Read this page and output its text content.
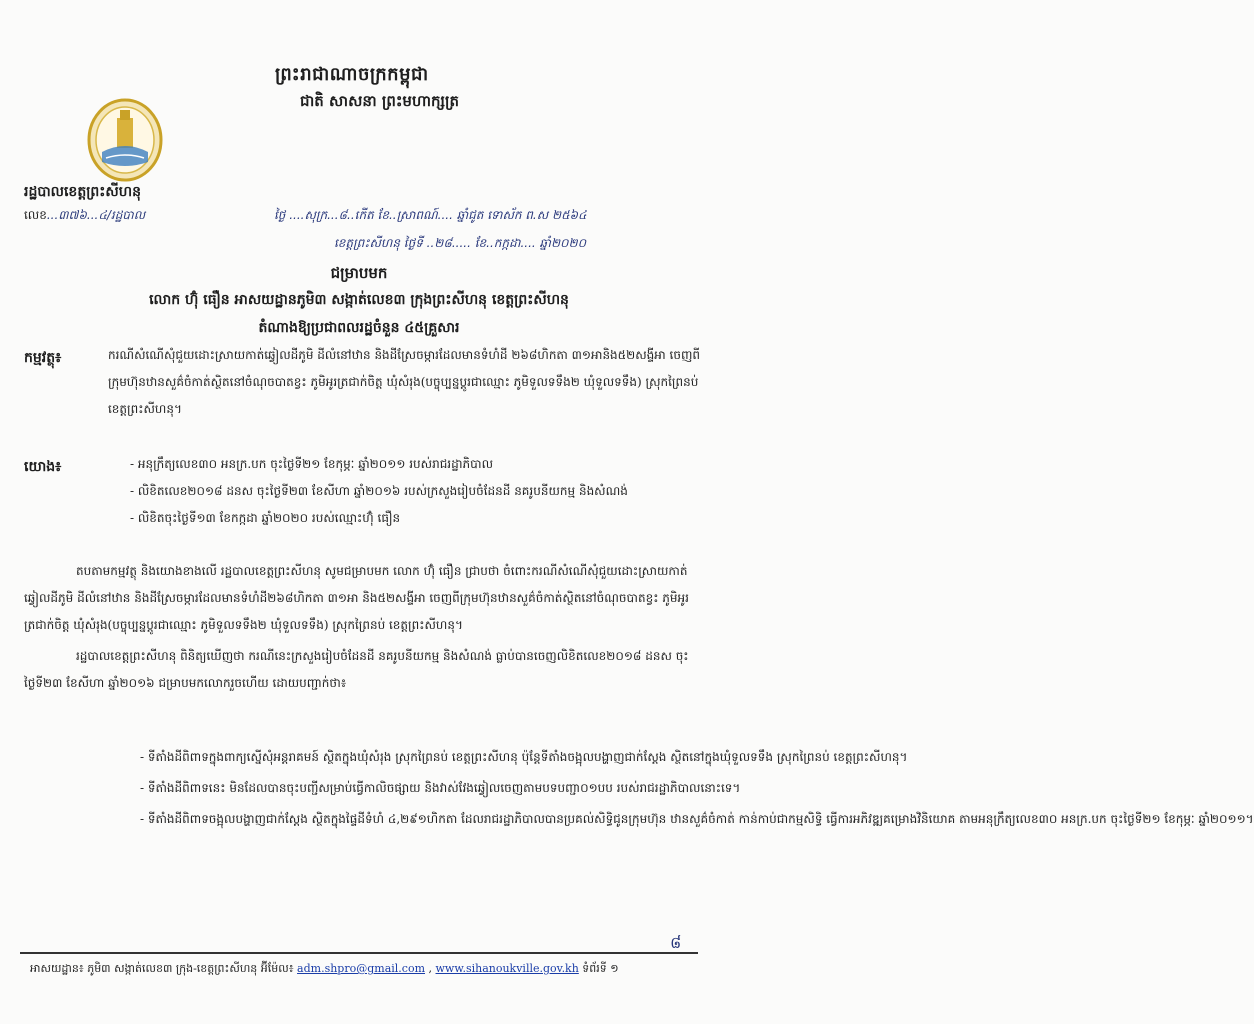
ព្រះរាជាណាចក្រកម្ពុជា
ជាតិ សាសនា ព្រះមហាក្សត្រ
រដ្ឋបាលខេត្តព្រះសីហនុ
លេខ...៣៧៦...៤/រដ្ឋបាល	ថ្ងៃ ....សុក្រ...៨..កើត ខែ..ស្រាពណ៍.... ឆ្នាំជូត ទោស័ក ព.ស ២៥៦៤
ខេត្តព្រះសីហនុ ថ្ងៃទី ..២៨..... ខែ..កក្កដា.... ឆ្នាំ២០២០
ជម្រាបមក
លោក ហ៊ុំ ធឿន អាសយដ្ឋានភូមិ៣ សង្កាត់លេខ៣ ក្រុងព្រះសីហនុ ខេត្តព្រះសីហនុ
តំណាងឱ្យប្រជាពលរដ្ឋចំនួន ៤៥គ្រួសារ
កម្មវត្ថុ៖	ករណីសំណើសុំជួយដោះស្រាយកាត់ឆ្វៀលដីភូមិ ដីលំនៅឋាន និងដីស្រែចម្ការដែលមានទំហំដី ២៦៨ហិកតា ៣១អានិង៥២សង្ទីអា ចេញពីក្រុមហ៊ុនឋានសួគ៌ចំកាត់ស្ថិតនៅចំណុចបាតខ្វះ ភូមិអូរត្រជាក់ចិត្ត ឃុំសំរុង(បច្ចុប្បន្នប្តូរជាឈ្មោះ ភូមិទួលទទឹង២ ឃុំទួលទទឹង) ស្រុកព្រៃនប់ ខេត្តព្រះសីហនុ។
យោង៖	- អនុក្រឹត្យលេខ៣០ អនក្រ.បក ចុះថ្ងៃទី២១ ខែកុម្ភៈ ឆ្នាំ២០១១ របស់រាជរដ្ឋាភិបាល
- លិខិតលេខ២០១៨ ដនស ចុះថ្ងៃទី២៣ ខែសីហា ឆ្នាំ២០១៦ របស់ក្រសួងរៀបចំដែនដី នគរូបនីយកម្ម និងសំណង់
- លិខិតចុះថ្ងៃទី១៣ ខែកក្កដា ឆ្នាំ២០២០ របស់ឈ្មោះហ៊ុំ ធឿន
តបតាមកម្មវត្ថុ និងយោងខាងលើ រដ្ឋបាលខេត្តព្រះសីហនុ សូមជម្រាបមក លោក ហ៊ុំ ធឿន ជ្រាបថា ចំពោះករណីសំណើសុំជួយដោះស្រាយកាត់ឆ្វៀលដីភូមិ ដីលំនៅឋាន និងដីស្រែចម្ការដែលមានទំហំដី២៦៨ហិកតា ៣១អា និង៥២សង្ទីអា ចេញពីក្រុមហ៊ុនឋានសួគ៌ចំកាត់ស្ថិតនៅចំណុចបាតខ្វះ ភូមិអូរត្រជាក់ចិត្ត ឃុំសំរុង(បច្ចុប្បន្នប្តូរជាឈ្មោះ ភូមិទួលទទឹង២ ឃុំទួលទទឹង) ស្រុកព្រៃនប់ ខេត្តព្រះសីហនុ។
រដ្ឋបាលខេត្តព្រះសីហនុ ពិនិត្យឃើញថា ករណីនេះក្រសួងរៀបចំដែនដី នគរូបនីយកម្ម និងសំណង់ ធ្លាប់បានចេញលិខិតលេខ២០១៨ ដនស ចុះថ្ងៃទី២៣ ខែសីហា ឆ្នាំ២០១៦ ជម្រាបមកលោករួចហើយ ដោយបញ្ជាក់ថា៖
- ទីតាំងដីពិពាទក្នុងពាក្យស្នើសុំអន្តរាគមន៍ ស្ថិតក្នុងឃុំសំរុង ស្រុកព្រៃនប់ ខេត្តព្រះសីហនុ ប៉ុន្តែទីតាំងចង្អុលបង្ហាញជាក់ស្តែង ស្ថិតនៅក្នុងឃុំទួលទទឹង ស្រុកព្រៃនប់ ខេត្តព្រះសីហនុ។
- ទីតាំងដីពិពាទនេះ មិនដែលបានចុះបញ្ជីសម្រាប់ធ្វើកាលិចផ្សាយ និងវាស់វែងឆ្វៀលចេញតាមបទបញ្ជា០១បប របស់រាជរដ្ឋាភិបាលនោះទេ។
- ទីតាំងដីពិពាទចង្អុលបង្ហាញជាក់ស្តែង ស្ថិតក្នុងផ្ទៃដីទំហំ ៤,២៩១ហិកតា ដែលរាជរដ្ឋាភិបាលបានប្រគល់សិទ្ធិជូនក្រុមហ៊ុន ឋានសួគ៌ចំកាត់ កាន់កាប់ជាកម្មសិទ្ធិ ធ្វើការអភិវឌ្ឍគម្រោងវិនិយោគ តាមអនុក្រឹត្យលេខ៣០ អនក្រ.បក ចុះថ្ងៃទី២១ ខែកុម្ភៈ ឆ្នាំ២០១១។
៨
អាសយដ្ឋាន៖ ភូមិ៣ សង្កាត់លេខ៣ ក្រុង-ខេត្តព្រះសីហនុ អ៊ីម៉ែល៖ adm.shpro@gmail.com , www.sihanoukville.gov.kh ទំព័រទី ១
